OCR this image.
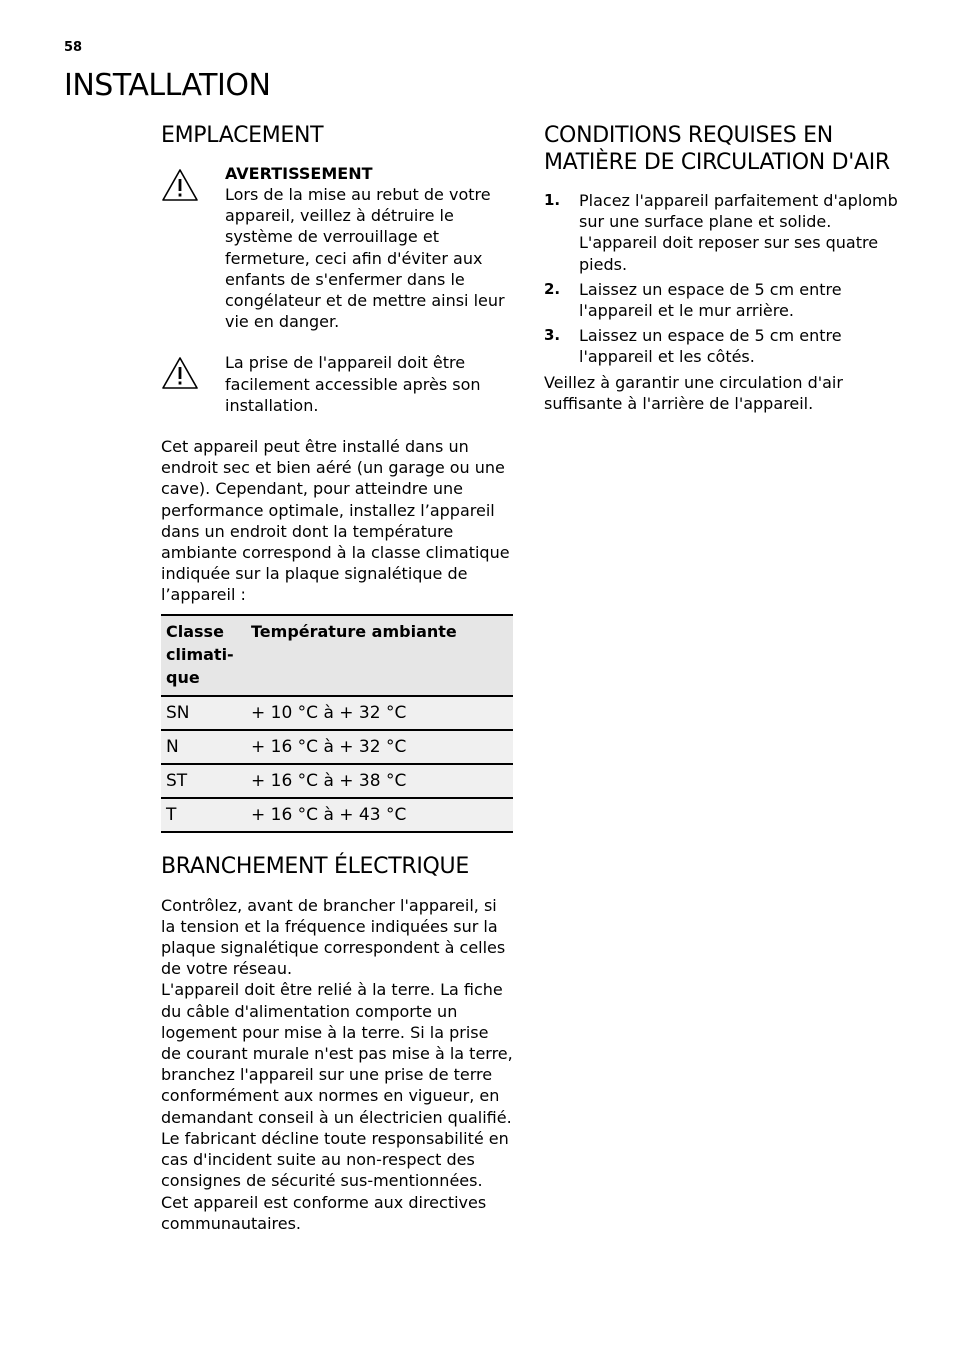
58
INSTALLATION
EMPLACEMENT
AVERTISSEMENT

Lors de la mise au rebut de votre appareil, veillez à détruire le système de verrouillage et fermeture, ceci afin d'éviter aux enfants de s'enfermer dans le congélateur et de mettre ainsi leur vie en danger.

La prise de l'appareil doit être facilement accessible après son installation.

Cet appareil peut être installé dans un endroit sec et bien aéré (un garage ou une cave). Cependant, pour atteindre une performance optimale, installez l’appareil dans un endroit dont la température ambiante correspond à la classe climatique indiquée sur la plaque signalétique de l’appareil :

Classe climati-que	Température ambiante
SN	+ 10 °C à + 32 °C
N	+ 16 °C à + 32 °C
ST	+ 16 °C à + 38 °C
T	+ 16 °C à + 43 °C
BRANCHEMENT ÉLECTRIQUE

Contrôlez, avant de brancher l'appareil, si la tension et la fréquence indiquées sur la plaque signalétique correspondent à celles de votre réseau.

L'appareil doit être relié à la terre. La fiche du câble d'alimentation comporte un logement pour mise à la terre. Si la prise de courant murale n'est pas mise à la terre, branchez l'appareil sur une prise de terre conformément aux normes en vigueur, en demandant conseil à un électricien qualifié.

Le fabricant décline toute responsabilité en cas d'incident suite au non-respect des consignes de sécurité sus-mentionnées.

Cet appareil est conforme aux directives communautaires.

CONDITIONS REQUISES EN MATIÈRE DE CIRCULATION D'AIR
1.	Placez l'appareil parfaitement d'aplomb sur une surface plane et solide. L'appareil doit reposer sur ses quatre pieds.
2.	Laissez un espace de 5 cm entre l'appareil et le mur arrière.
3.	Laissez un espace de 5 cm entre l'appareil et les côtés.

Veillez à garantir une circulation d'air suffisante à l'arrière de l'appareil.
